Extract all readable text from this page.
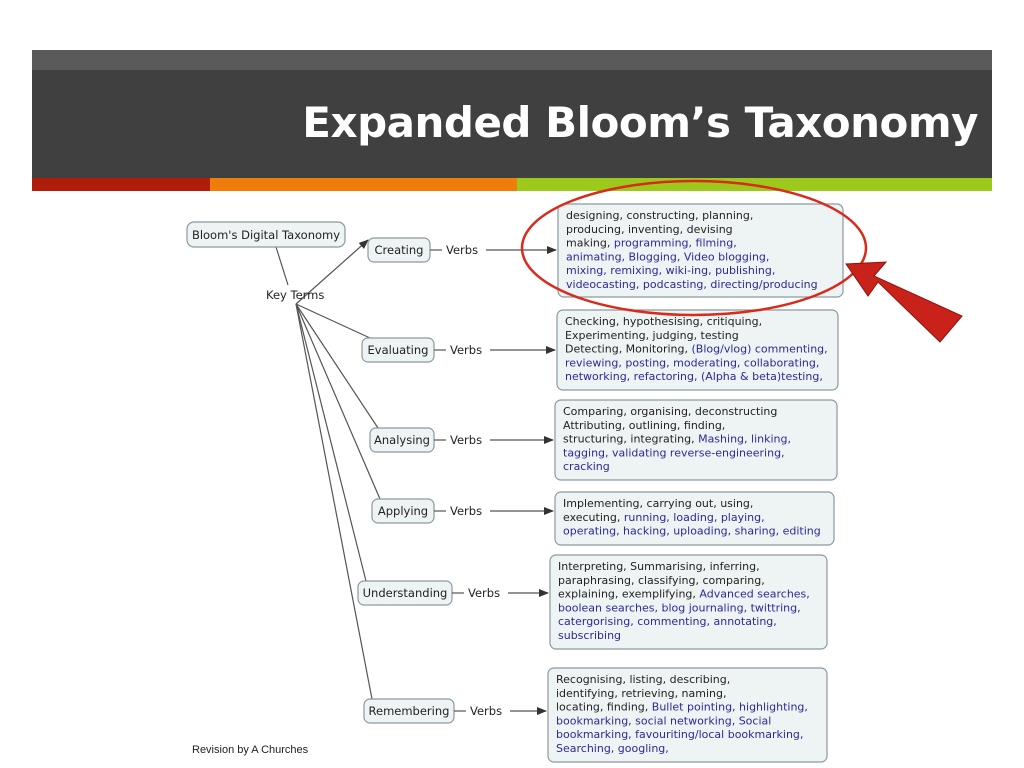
Expanded Bloom’s Taxonomy
Bloom's Digital Taxonomy
Key Terms
Creating Verbs
designing, constructing, planning,
producing, inventing, devising
making, programming, filming,
animating, Blogging, Video blogging,
mixing, remixing, wiki-ing, publishing,
videocasting, podcasting, directing/producing
Evaluating Verbs
Checking, hypothesising, critiquing,
Experimenting, judging, testing
Detecting, Monitoring, (Blog/vlog) commenting,
reviewing, posting, moderating, collaborating,
networking, refactoring, (Alpha & beta)testing,
Analysing Verbs
Comparing, organising, deconstructing
Attributing, outlining, finding,
structuring, integrating, Mashing, linking,
tagging, validating reverse-engineering,
cracking
Applying Verbs
Implementing, carrying out, using,
executing, running, loading, playing,
operating, hacking, uploading, sharing, editing
Understanding Verbs
Interpreting, Summarising, inferring,
paraphrasing, classifying, comparing,
explaining, exemplifying, Advanced searches,
boolean searches, blog journaling, twittring,
catergorising, commenting, annotating,
subscribing
Remembering Verbs
Recognising, listing, describing,
identifying, retrieving, naming,
locating, finding, Bullet pointing, highlighting,
bookmarking, social networking, Social
bookmarking, favouriting/local bookmarking,
Searching, googling,
Revision by A Churches
